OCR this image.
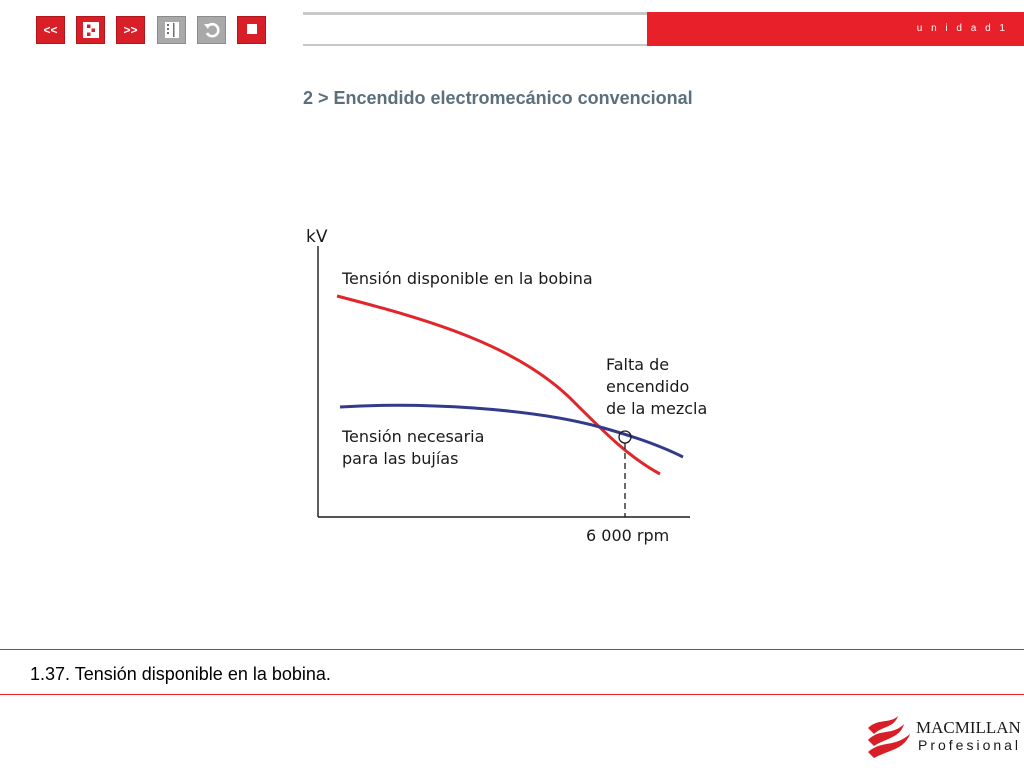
<<	>>	u n i d a d 1
2 > Encendido electromecánico convencional
kV
Tensión disponible en la bobina
Falta de
encendido
de la mezcla
Tensión necesaria
para las bujías
6 000 rpm
1.37. Tensión disponible en la bobina.
MACMILLAN
Profesional
